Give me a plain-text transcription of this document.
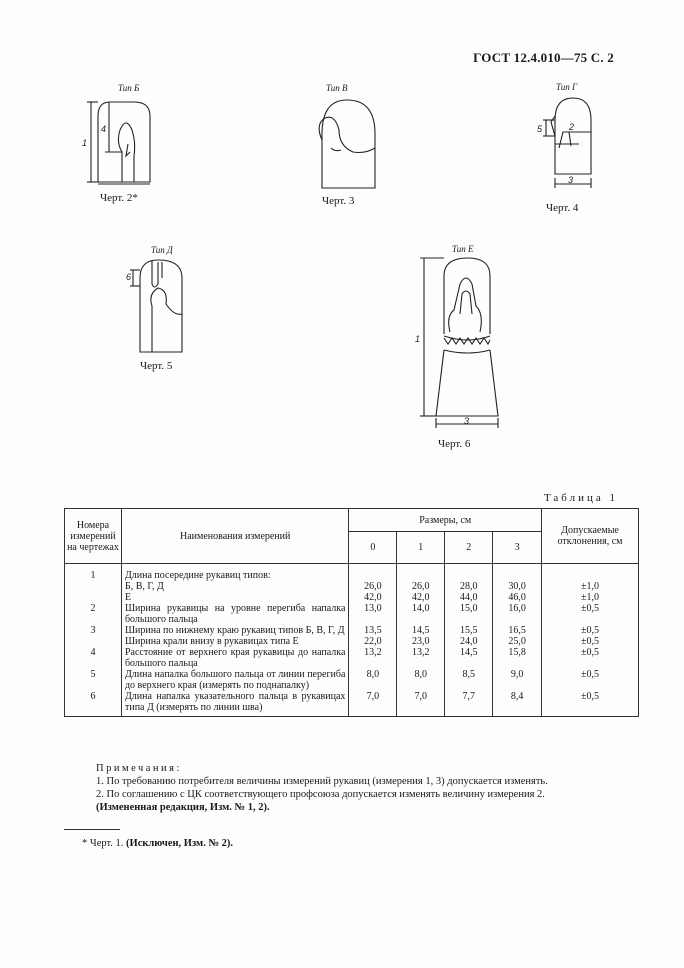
ГОСТ 12.4.010—75 С. 2
Тип Б
1
4
Черт. 2*
Тип В
Черт. 3
Тип Г
5	2
3
Черт. 4
Тип Д
6
Черт. 5
Тип Е
1
3
Черт. 6
Таблица 1
Номера измерений на чертежах	Наименования измерений	Размеры, см				Допускаемые отклонения, см
		0	1	2	3	
1	Длина посередине рукавиц типов:					
	Б, В, Г, Д	26,0	26,0	28,0	30,0	±1,0
	Е	42,0	42,0	44,0	46,0	±1,0
2	Ширина рукавицы на уровне перегиба напалка большого пальца	13,0	14,0	15,0	16,0	±0,5
3	Ширина по нижнему краю рукавиц типов Б, В, Г, Д	13,5	14,5	15,5	16,5	±0,5
	Ширина крали внизу в рукавицах типа Е	22,0	23,0	24,0	25,0	±0,5
4	Расстояние от верхнего края рукавицы до напалка большого пальца	13,2	13,2	14,5	15,8	±0,5
5	Длина напалка большого пальца от линии перегиба до верхнего края (измерять по поднапалку)	8,0	8,0	8,5	9,0	±0,5
6	Длина напалка указательного пальца в рукавицах типа Д (измерять по линии шва)	7,0	7,0	7,7	8,4	±0,5
Примечания:
1. По требованию потребителя величины измерений рукавиц (измерения 1, 3) допускается изменять.
2. По соглашению с ЦК соответствующего профсоюза допускается изменять величину измерения 2.
(Измененная редакция, Изм. № 1, 2).
* Черт. 1. (Исключен, Изм. № 2).
